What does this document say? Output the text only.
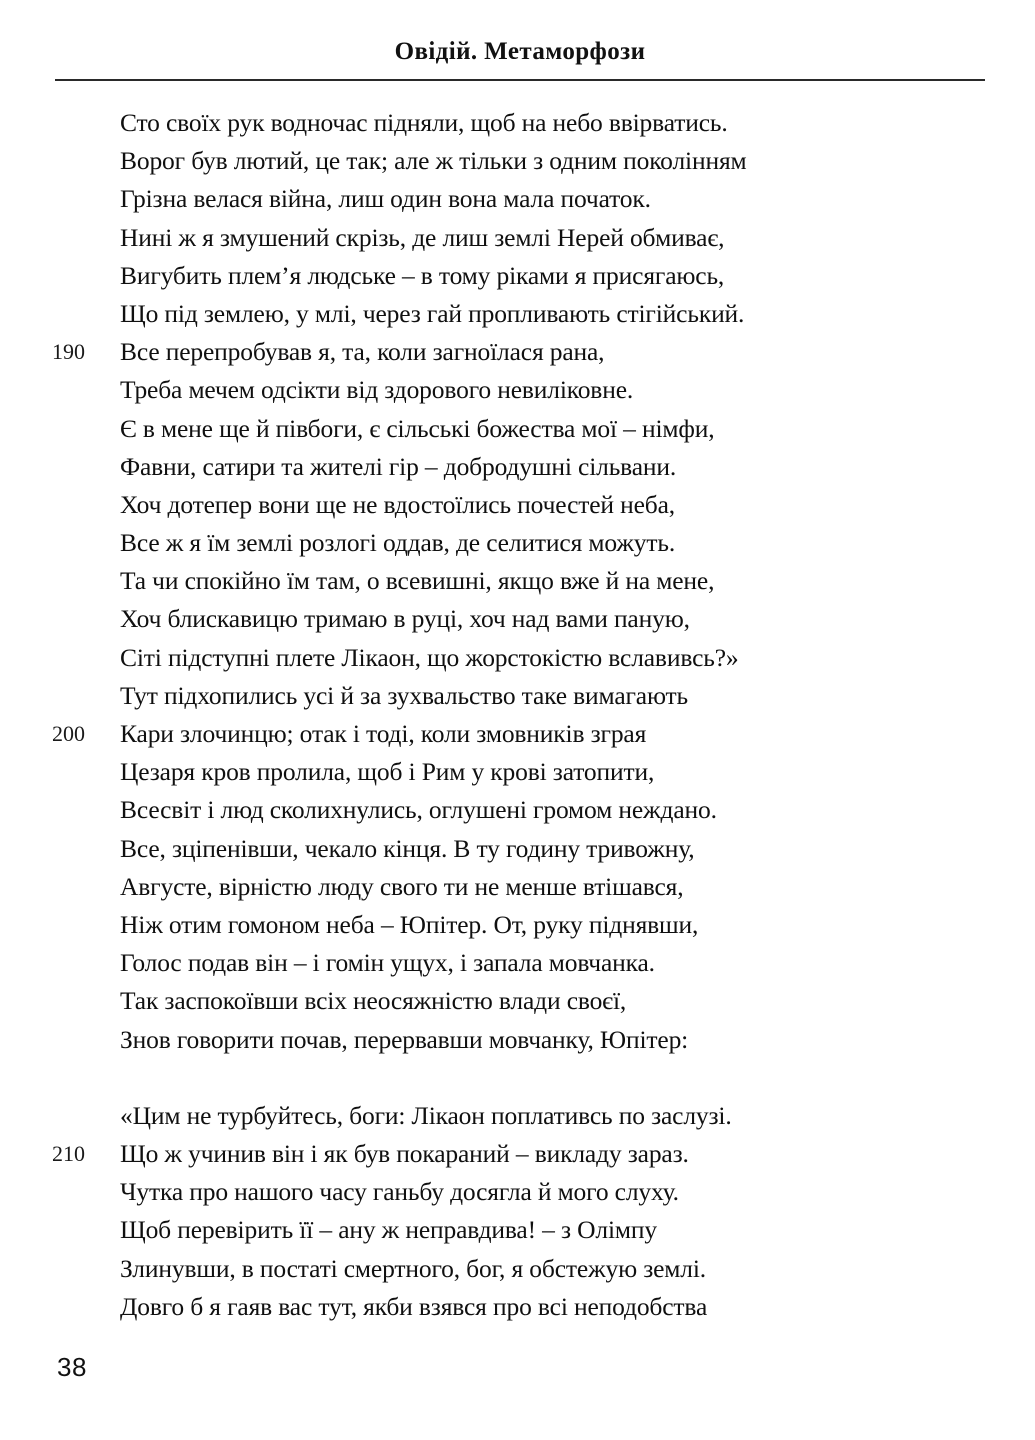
Овідій. Метаморфози
Сто своїх рук водночас підняли, щоб на небо ввірватись.
Ворог був лютий, це так; але ж тільки з одним поколінням
Грізна велася війна, лиш один вона мала початок.
Нині ж я змушений скрізь, де лиш землі Нерей обмиває,
Вигубить плем’я людське – в тому ріками я присягаюсь,
Що під землею, у млі, через гай пропливають стігійський.
190	Все перепробував я, та, коли загноїлася рана,
Треба мечем одсікти від здорового невиліковне.
Є в мене ще й півбоги, є сільські божества мої – німфи,
Фавни, сатири та жителі гір – добродушні сільвани.
Хоч дотепер вони ще не вдостоїлись почестей неба,
Все ж я їм землі розлогі оддав, де селитися можуть.
Та чи спокійно їм там, о всевишні, якщо вже й на мене,
Хоч блискавицю тримаю в руці, хоч над вами паную,
Сіті підступні плете Лікаон, що жорстокістю вславивсь?»
Тут підхопились усі й за зухвальство таке вимагають
200	Кари злочинцю; отак і тоді, коли змовників зграя
Цезаря кров пролила, щоб і Рим у крові затопити,
Всесвіт і люд сколихнулись, оглушені громом нежданo.
Все, зціпенівши, чекало кінця. В ту годину тривожну,
Августе, вірністю люду свого ти не менше втішався,
Ніж отим гомоном неба – Юпітер. От, руку піднявши,
Голос подав він – і гомін ущух, і запала мовчанка.
Так заспокоївши всіх неосяжністю влади своєї,
Знов говорити почав, перервавши мовчанку, Юпітер:
«Цим не турбуйтесь, боги: Лікаон поплативсь по заслузі.
210	Що ж учинив він і як був покараний – викладу зараз.
Чутка про нашого часу ганьбу досягла й мого слуху.
Щоб перевірить її – ану ж неправдива! – з Олімпу
Злинувши, в постаті смертного, бог, я обстежую землі.
Довго б я гаяв вас тут, якби взявся про всі неподобства
38
